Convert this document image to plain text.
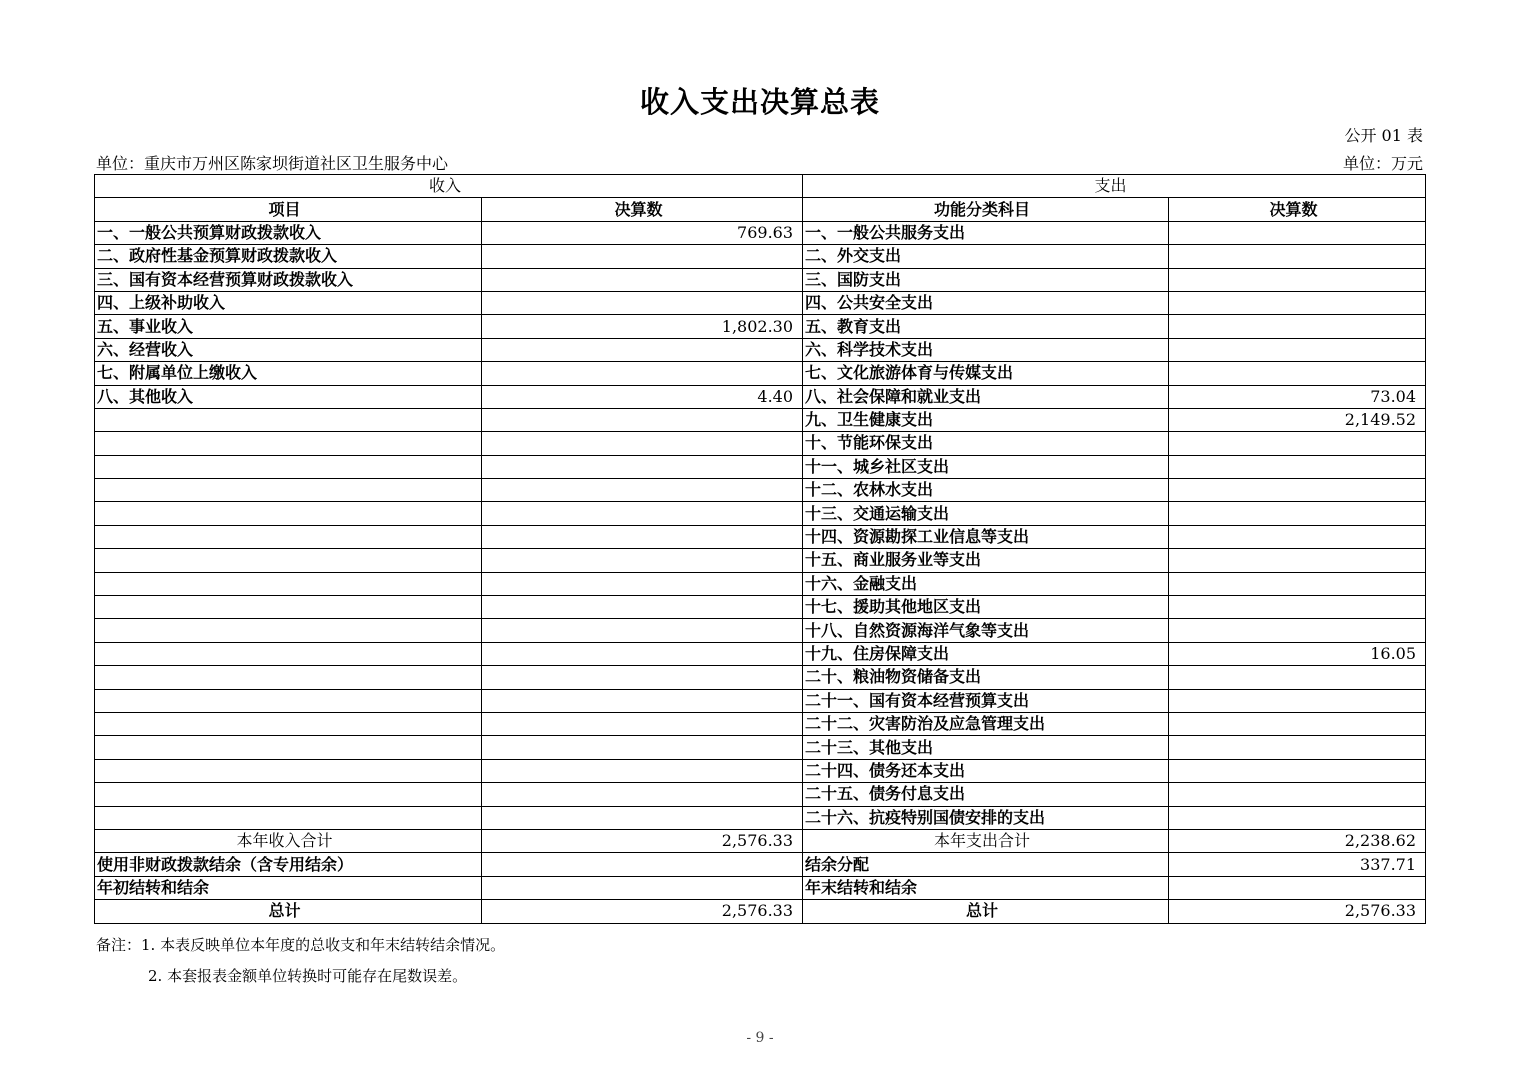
收入支出决算总表
公开 01 表
单位：重庆市万州区陈家坝街道社区卫生服务中心	单位：万元
收入		支出	
项目	决算数	功能分类科目	决算数
一、一般公共预算财政拨款收入	769.63	一、一般公共服务支出	
二、政府性基金预算财政拨款收入		二、外交支出	
三、国有资本经营预算财政拨款收入		三、国防支出	
四、上级补助收入		四、公共安全支出	
五、事业收入	1,802.30	五、教育支出	
六、经营收入		六、科学技术支出	
七、附属单位上缴收入		七、文化旅游体育与传媒支出	
八、其他收入	4.40	八、社会保障和就业支出	73.04
		九、卫生健康支出	2,149.52
		十、节能环保支出	
		十一、城乡社区支出	
		十二、农林水支出	
		十三、交通运输支出	
		十四、资源勘探工业信息等支出	
		十五、商业服务业等支出	
		十六、金融支出	
		十七、援助其他地区支出	
		十八、自然资源海洋气象等支出	
		十九、住房保障支出	16.05
		二十、粮油物资储备支出	
		二十一、国有资本经营预算支出	
		二十二、灾害防治及应急管理支出	
		二十三、其他支出	
		二十四、债务还本支出	
		二十五、债务付息支出	
		二十六、抗疫特别国债安排的支出	
本年收入合计	2,576.33	本年支出合计	2,238.62
使用非财政拨款结余（含专用结余）		结余分配	337.71
年初结转和结余		年末结转和结余	
总计	2,576.33	总计	2,576.33
备注：1. 本表反映单位本年度的总收支和年末结转结余情况。
2. 本套报表金额单位转换时可能存在尾数误差。
- 9 -
